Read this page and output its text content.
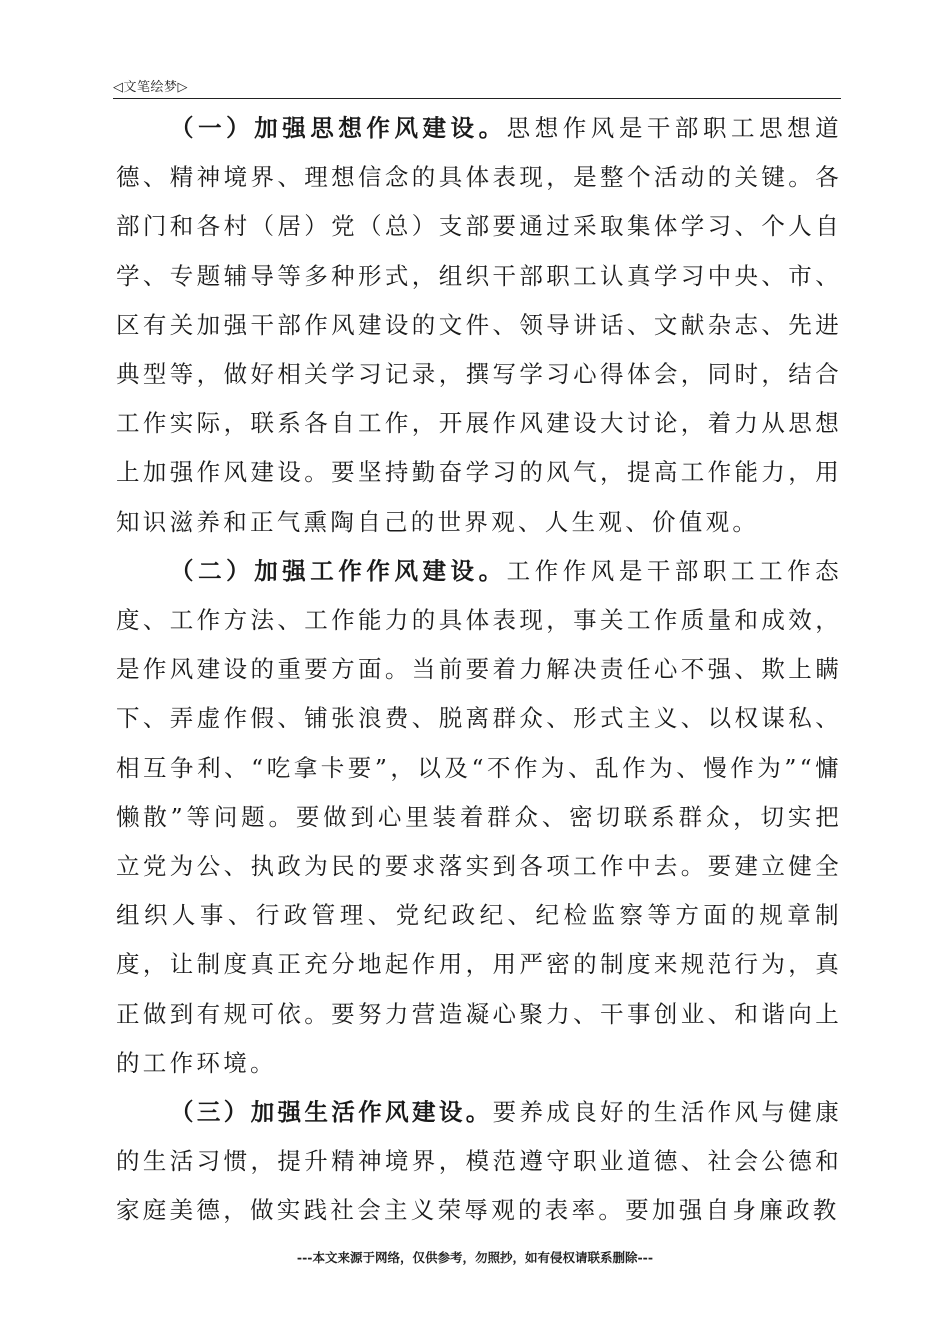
◁文笔绘梦▷

（一）加强思想作风建设。思想作风是干部职工思想道德、精神境界、理想信念的具体表现，是整个活动的关键。各部门和各村（居）党（总）支部要通过采取集体学习、个人自学、专题辅导等多种形式，组织干部职工认真学习中央、市、区有关加强干部作风建设的文件、领导讲话、文献杂志、先进典型等，做好相关学习记录，撰写学习心得体会，同时，结合工作实际，联系各自工作，开展作风建设大讨论，着力从思想上加强作风建设。要坚持勤奋学习的风气，提高工作能力，用知识滋养和正气熏陶自己的世界观、人生观、价值观。

（二）加强工作作风建设。工作作风是干部职工工作态度、工作方法、工作能力的具体表现，事关工作质量和成效，是作风建设的重要方面。当前要着力解决责任心不强、欺上瞒下、弄虚作假、铺张浪费、脱离群众、形式主义、以权谋私、相互争利、“吃拿卡要”，以及“不作为、乱作为、慢作为”“慵懒散”等问题。要做到心里装着群众、密切联系群众，切实把立党为公、执政为民的要求落实到各项工作中去。要建立健全组织人事、行政管理、党纪政纪、纪检监察等方面的规章制度，让制度真正充分地起作用，用严密的制度来规范行为，真正做到有规可依。要努力营造凝心聚力、干事创业、和谐向上的工作环境。

（三）加强生活作风建设。要养成良好的生活作风与健康的生活习惯，提升精神境界，模范遵守职业道德、社会公德和家庭美德，做实践社会主义荣辱观的表率。要加强自身廉政教

---本文来源于网络，仅供参考，勿照抄，如有侵权请联系删除---
